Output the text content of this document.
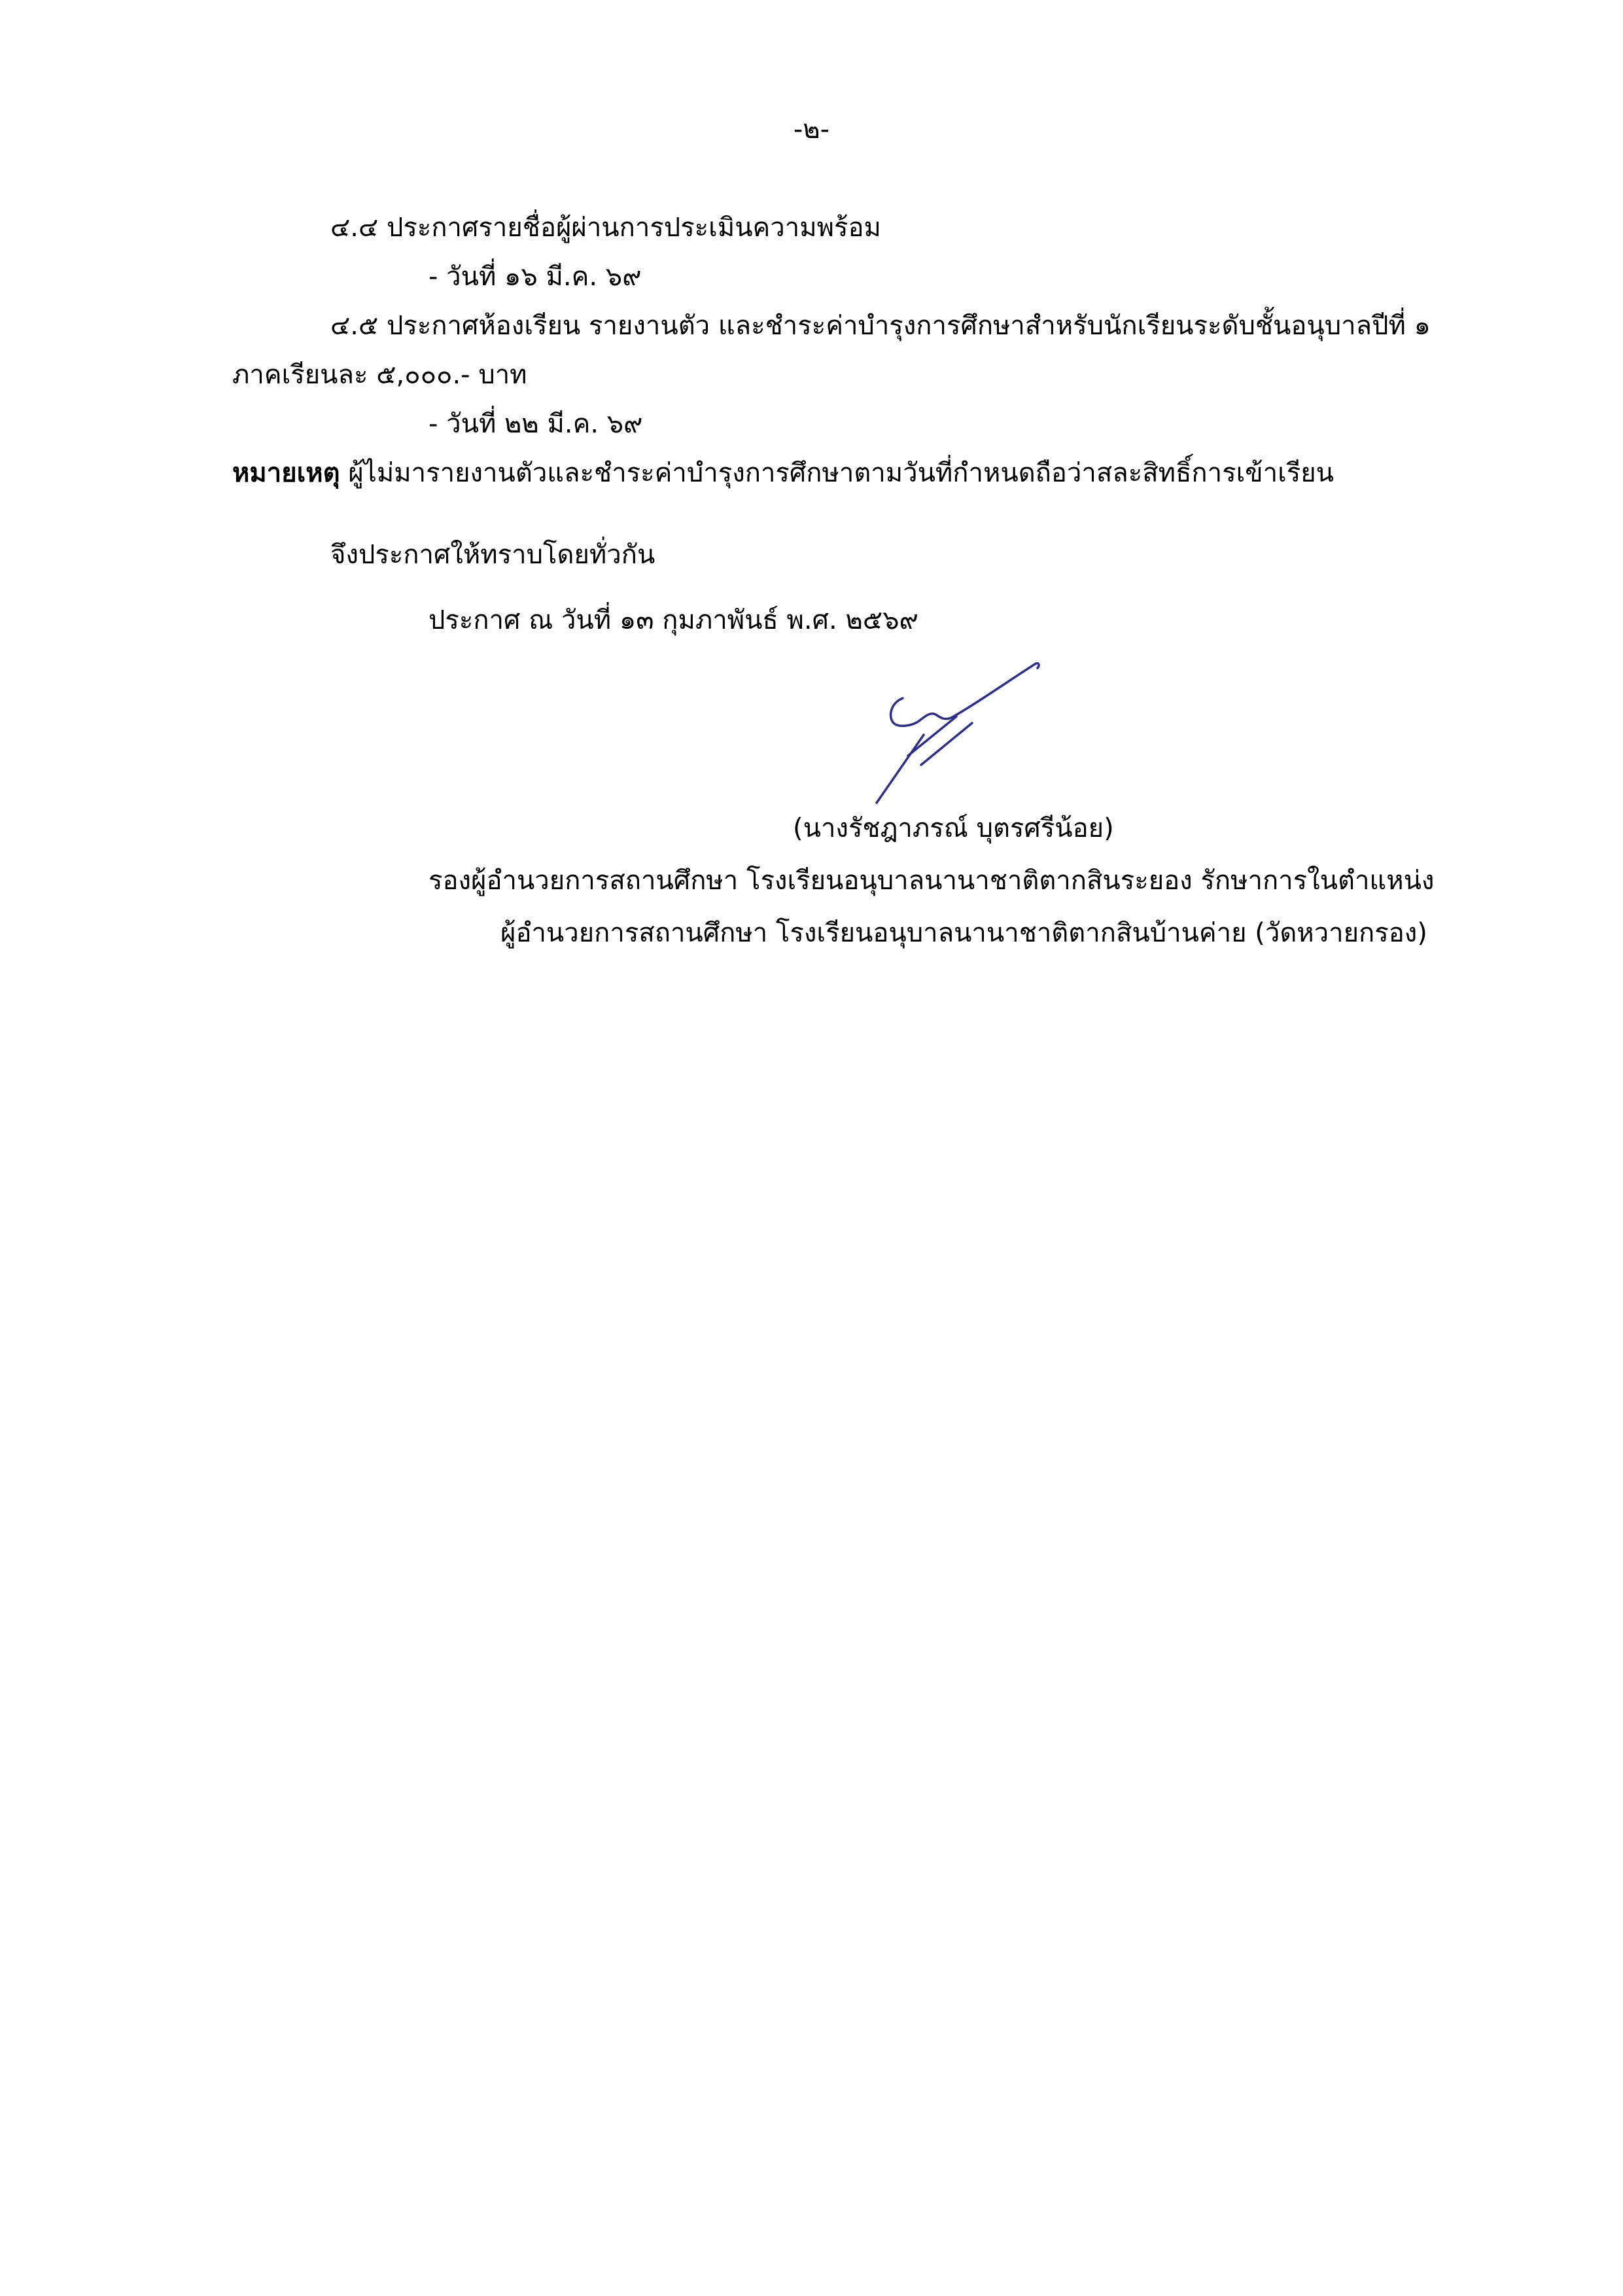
-๒-
๔.๔ ประกาศรายชื่อผู้ผ่านการประเมินความพร้อม
- วันที่ ๑๖ มี.ค. ๖๙
๔.๕ ประกาศห้องเรียน รายงานตัว และชำระค่าบำรุงการศึกษาสำหรับนักเรียนระดับชั้นอนุบาลปีที่ ๑
ภาคเรียนละ ๕,๐๐๐.- บาท
- วันที่ ๒๒ มี.ค. ๖๙
หมายเหตุ ผู้ไม่มารายงานตัวและชำระค่าบำรุงการศึกษาตามวันที่กำหนดถือว่าสละสิทธิ์การเข้าเรียน
จึงประกาศให้ทราบโดยทั่วกัน
ประกาศ ณ วันที่ ๑๓ กุมภาพันธ์ พ.ศ. ๒๕๖๙
(นางรัชฎาภรณ์ บุตรศรีน้อย)
รองผู้อำนวยการสถานศึกษา โรงเรียนอนุบาลนานาชาติตากสินระยอง รักษาการในตำแหน่ง
ผู้อำนวยการสถานศึกษา โรงเรียนอนุบาลนานาชาติตากสินบ้านค่าย (วัดหวายกรอง)
